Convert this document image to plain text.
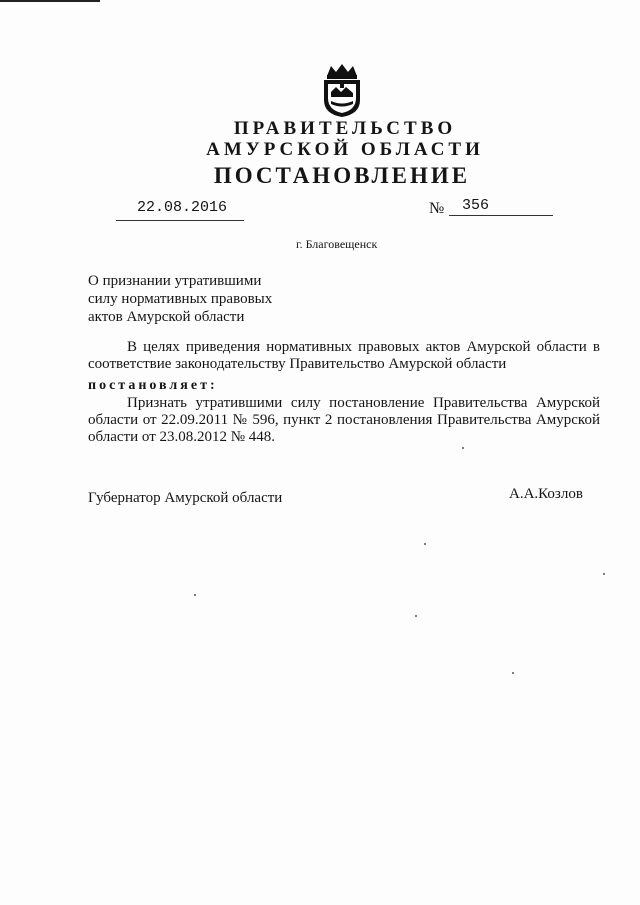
ПРАВИТЕЛЬСТВО
АМУРСКОЙ ОБЛАСТИ
ПОСТАНОВЛЕНИЕ
22.08.2016	№ 356
г. Благовещенск
О признании утратившими
силу нормативных правовых
актов Амурской области
В целях приведения нормативных правовых актов Амурской области в соответствие законодательству Правительство Амурской области
постановляет:
Признать утратившими силу постановление Правительства Амурской области от 22.09.2011 № 596, пункт 2 постановления Правительства Амурской области от 23.08.2012 № 448.
Губернатор Амурской области	А.А.Козлов
